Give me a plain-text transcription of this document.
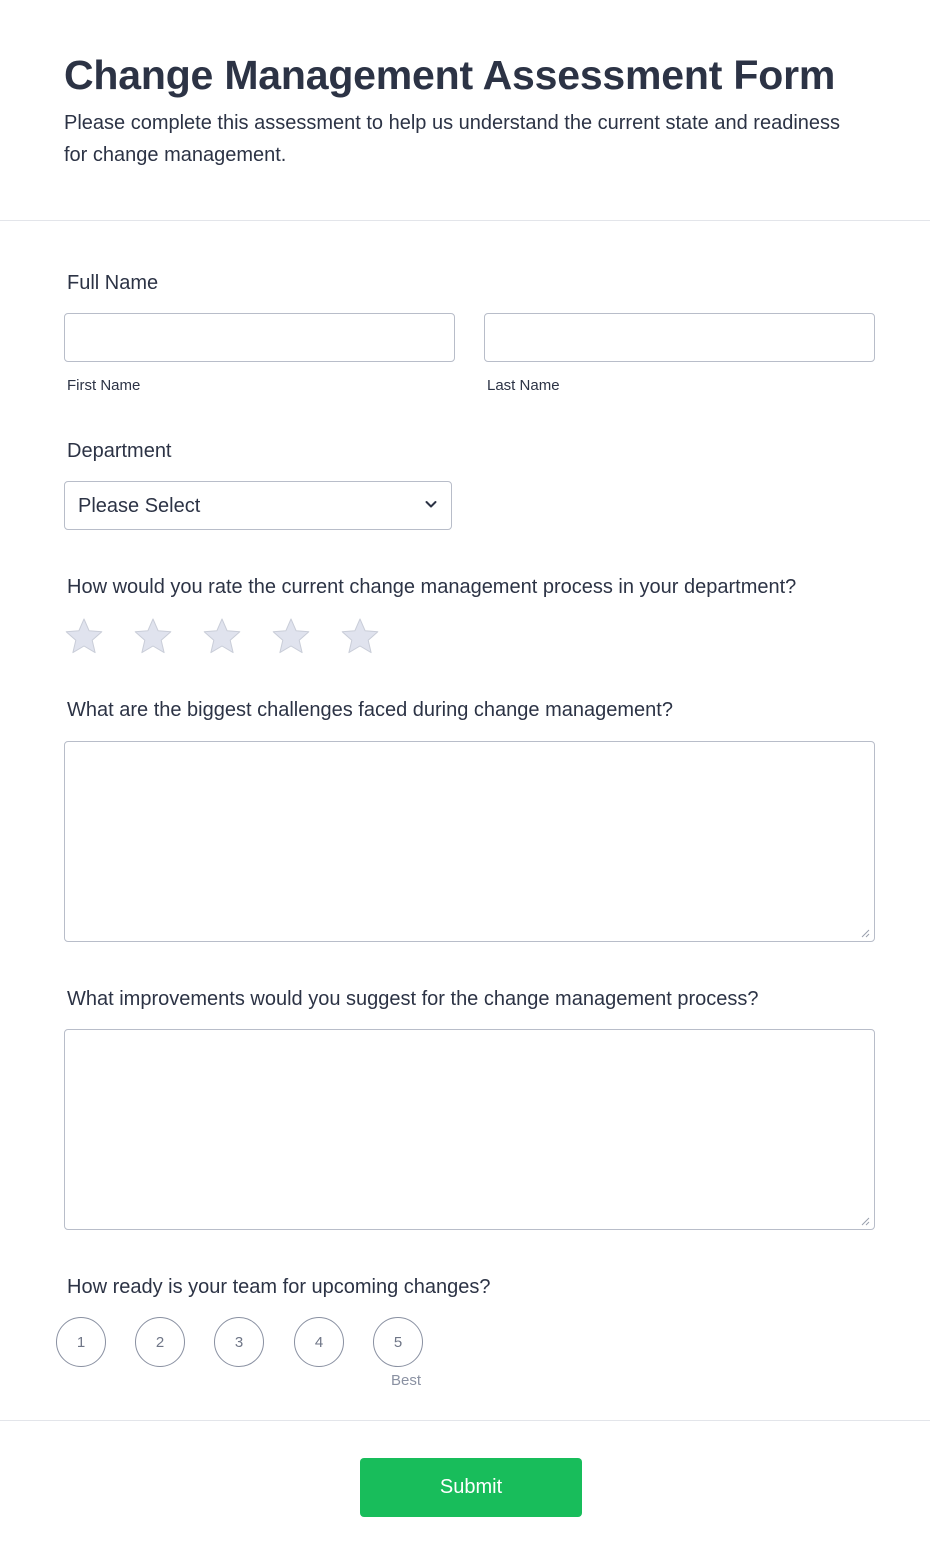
Change Management Assessment Form

Please complete this assessment to help us understand the current state and readiness for change management.

Full Name
First Name	Last Name
Department
Please Select
How would you rate the current change management process in your department?
What are the biggest challenges faced during change management?
What improvements would you suggest for the change management process?
How ready is your team for upcoming changes?
1	2	3	4	5
Best
Submit
